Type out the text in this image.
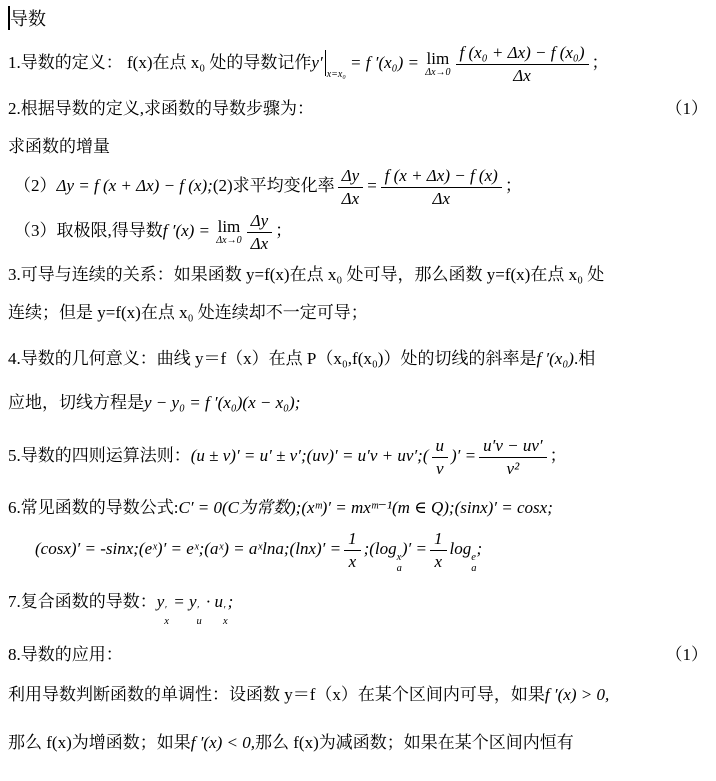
导数
1.导数的定义： f(x)在点 x₀ 处的导数记作$y'_{x=x_0} = f$ ′(x₀) = lim
$\Delta x\to 0 \frac{\text{f (x₀ + Δx) − f (x₀)}}{\Delta x}$ ；
（1）
2.根据导数的定义,求函数的导数步骤为：
求函数的增量
（2）Δy = f (x + Δx) − f (x);(2)求平均变化率 $\frac{\Delta y}{\Delta x} = \frac{f (x + \Delta x) - f (x)}{\Delta x}$ ；
（3）取极限,得导数f ′(x) = lim
$\Delta x\to 0 \frac{\Delta y}{\Delta x}$ ；
3.可导与连续的关系：如果函数 y=f(x)在点 x₀ 处可导，那么函数 y=f(x)在点 x₀ 处
连续；但是 y=f(x)在点 x₀ 处连续却不一定可导；
4.导数的几何意义：曲线 y＝f（x）在点 P（x₀,f(x₀)）处的切线的斜率是f ′(x₀).相
应地，切线方程是y − y₀ = f ′(x₀)(x − x₀);
5.导数的四则运算法则：(u ± v)′ = u′ ± v′;(uv)′ = u′v + uv′;( $\frac{u}{v}$ )′ = $\frac{u'v - uv'}{\text{v²}}$ ；
6.常见函数的导数公式:C′ = 0(C为常数);(xᵐ)′ = mxᵐ⁻¹(m ∈ Q);(sinx)′ = cosx;
(cosx)′ = -sinx;(eˣ)′ = eˣ;(aˣ) = aˣlna;(lnx)′ = $\frac{1}{x}$ ;(log x
a
)′ = $\frac{1}{x}$ log e
a
;
7.复合函数的导数：y ′
x
= y ′
u
· u ′
x
;
（1）
8.导数的应用：
利用导数判断函数的单调性：设函数 y＝f（x）在某个区间内可导，如果f ′(x) > 0,
那么 f(x)为增函数；如果f ′(x) < 0,那么 f(x)为减函数；如果在某个区间内恒有
